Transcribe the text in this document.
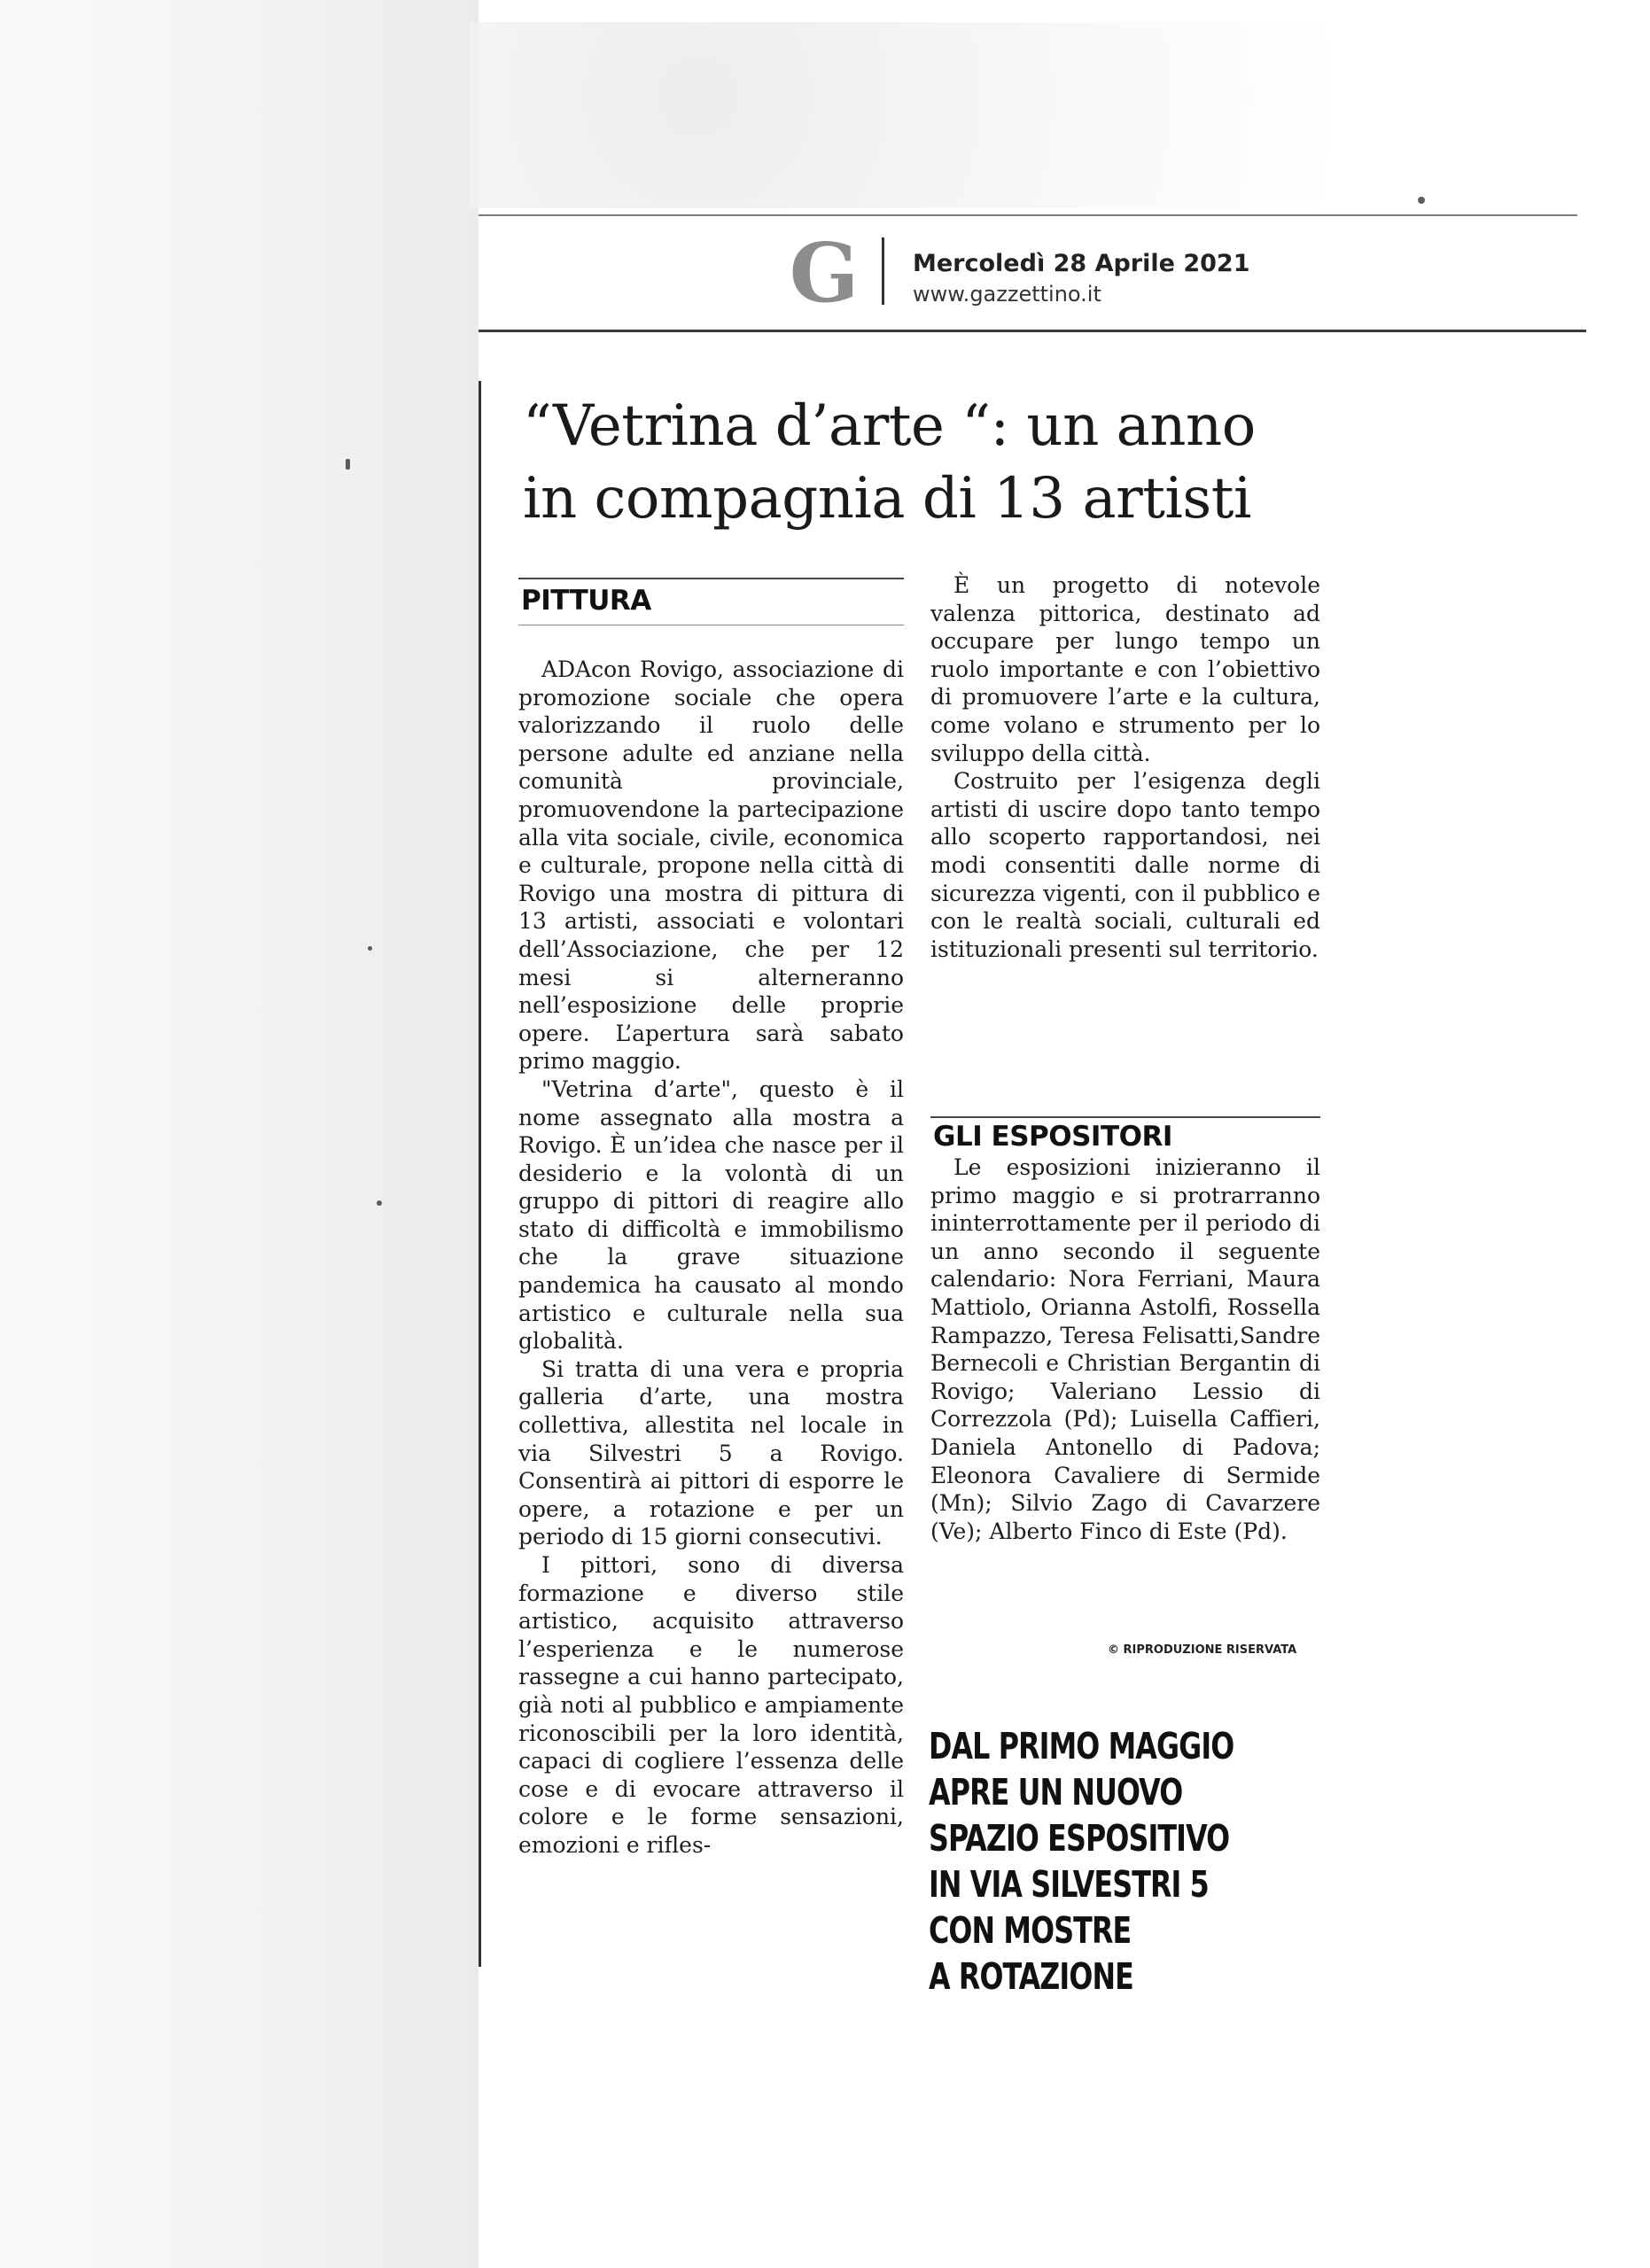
G Mercoledì 28 Aprile 2021
www.gazzettino.it
“Vetrina d’arte “: un anno
in compagnia di 13 artisti
PITTURA

ADAcon Rovigo, associazione di promozione sociale che opera valorizzando il ruolo delle persone adulte ed anziane nella comunità provinciale, promuovendone la partecipazione alla vita sociale, civile, economica e culturale, propone nella città di Rovigo una mostra di pittura di 13 artisti, associati e volontari dell’Associazione, che per 12 mesi si alterneranno nell’esposizione delle proprie opere. L’apertura sarà sabato primo maggio.

"Vetrina d’arte", questo è il nome assegnato alla mostra a Rovigo. È un’idea che nasce per il desiderio e la volontà di un gruppo di pittori di reagire allo stato di difficoltà e immobilismo che la grave situazione pandemica ha causato al mondo artistico e culturale nella sua globalità.

Si tratta di una vera e propria galleria d’arte, una mostra collettiva, allestita nel locale in via Silvestri 5 a Rovigo. Consentirà ai pittori di esporre le opere, a rotazione e per un periodo di 15 giorni consecutivi.

I pittori, sono di diversa formazione e diverso stile artistico, acquisito attraverso l’esperienza e le numerose rassegne a cui hanno partecipato, già noti al pubblico e ampiamente riconoscibili per la loro identità, capaci di cogliere l’essenza delle cose e di evocare attraverso il colore e le forme sensazioni, emozioni e rifles-

È un progetto di notevole valenza pittorica, destinato ad occupare per lungo tempo un ruolo importante e con l’obiettivo di promuovere l’arte e la cultura, come volano e strumento per lo sviluppo della città.

Costruito per l’esigenza degli artisti di uscire dopo tanto tempo allo scoperto rapportandosi, nei modi consentiti dalle norme di sicurezza vigenti, con il pubblico e con le realtà sociali, culturali ed istituzionali presenti sul territorio.

GLI ESPOSITORI

Le esposizioni inizieranno il primo maggio e si protrarranno ininterrottamente per il periodo di un anno secondo il seguente calendario: Nora Ferriani, Maura Mattiolo, Orianna Astolfi, Rossella Rampazzo, Teresa Felisatti,Sandre Bernecoli e Christian Bergantin di Rovigo; Valeriano Lessio di Correzzola (Pd); Luisella Caffieri, Daniela Antonello di Padova; Eleonora Cavaliere di Sermide (Mn); Silvio Zago di Cavarzere (Ve); Alberto Finco di Este (Pd).

© RIPRODUZIONE RISERVATA
DAL PRIMO MAGGIO
APRE UN NUOVO
SPAZIO ESPOSITIVO
IN VIA SILVESTRI 5
CON MOSTRE
A ROTAZIONE
